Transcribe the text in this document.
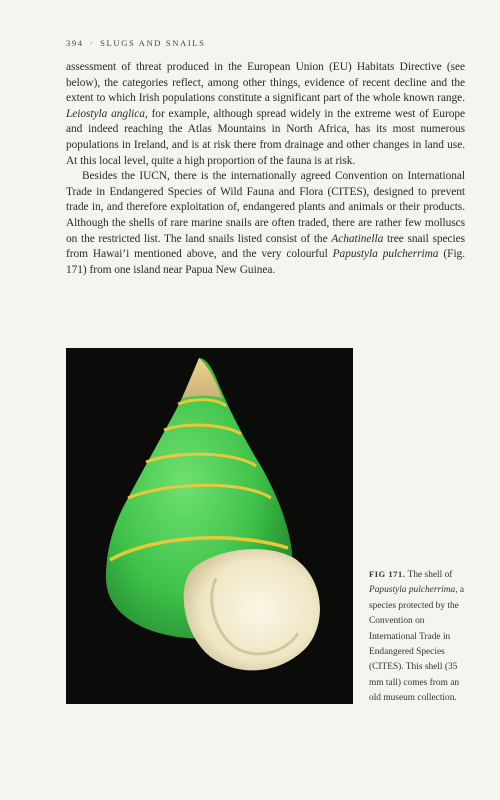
394 · SLUGS AND SNAILS

assessment of threat produced in the European Union (EU) Habitats Directive (see below), the categories reflect, among other things, evidence of recent decline and the extent to which Irish populations constitute a significant part of the whole known range. Leiostyla anglica, for example, although spread widely in the extreme west of Europe and indeed reaching the Atlas Mountains in North Africa, has its most numerous populations in Ireland, and is at risk there from drainage and other changes in land use. At this local level, quite a high proportion of the fauna is at risk.

Besides the IUCN, there is the internationally agreed Convention on International Trade in Endangered Species of Wild Fauna and Flora (CITES), designed to prevent trade in, and therefore exploitation of, endangered plants and animals or their products. Although the shells of rare marine snails are often traded, there are rather few molluscs on the restricted list. The land snails listed consist of the Achatinella tree snail species from Hawai’i mentioned above, and the very colourful Papustyla pulcherrima (Fig. 171) from one island near Papua New Guinea.

FIG 171. The shell of Papustyla pulcherrima, a species protected by the Convention on International Trade in Endangered Species (CITES). This shell (35 mm tall) comes from an old museum collection.
